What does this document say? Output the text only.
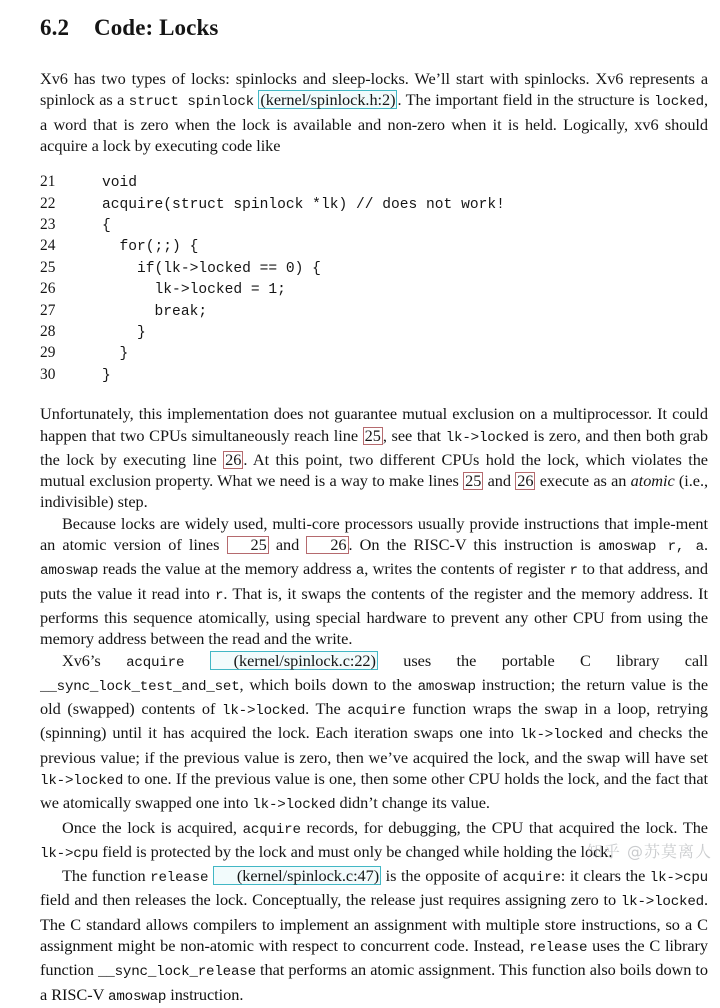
6.2 Code: Locks

Xv6 has two types of locks: spinlocks and sleep-locks. We’ll start with spinlocks. Xv6 represents a spinlock as a struct spinlock (kernel/spinlock.h:2) . The important field in the structure is locked, a word that is zero when the lock is available and non-zero when it is held. Logically, xv6 should acquire a lock by executing code like

21	void
22	acquire(struct spinlock *lk) // does not work!
23	{
24	for(;;) {
25	if(lk->locked == 0) {
26	lk->locked = 1;
27	break;
28	}
29	}
30	}

Unfortunately, this implementation does not guarantee mutual exclusion on a multiprocessor. It could happen that two CPUs simultaneously reach line 25 , see that lk->locked is zero, and then both grab the lock by executing line 26 . At this point, two different CPUs hold the lock, which violates the mutual exclusion property. What we need is a way to make lines 25 and 26 execute as an atomic (i.e., indivisible) step.

Because locks are widely used, multi-core processors usually provide instructions that imple-ment an atomic version of lines 25 and 26 . On the RISC-V this instruction is amoswap r, a. amoswap reads the value at the memory address a, writes the contents of register r to that address, and puts the value it read into r. That is, it swaps the contents of the register and the memory address. It performs this sequence atomically, using special hardware to prevent any other CPU from using the memory address between the read and the write.

Xv6’s acquire	(kernel/spinlock.c:22) uses the portable C library call __sync_lock_test_and_set, which boils down to the amoswap instruction; the return value is the old (swapped) contents of lk->locked. The acquire function wraps the swap in a loop, retrying (spinning) until it has acquired the lock. Each iteration swaps one into lk->locked and checks the previous value; if the previous value is zero, then we’ve acquired the lock, and the swap will have set lk->locked to one. If the previous value is one, then some other CPU holds the lock, and the fact that we atomically swapped one into lk->locked didn’t change its value.

Once the lock is acquired, acquire records, for debugging, the CPU that acquired the lock. The lk->cpu field is protected by the lock and must only be changed while holding the lock.

The function release (kernel/spinlock.c:47) is the opposite of acquire: it clears the lk->cpu field and then releases the lock. Conceptually, the release just requires assigning zero to lk->locked. The C standard allows compilers to implement an assignment with multiple store instructions, so a C assignment might be non-atomic with respect to concurrent code. Instead, release uses the C library function __sync_lock_release that performs an atomic assignment. This function also boils down to a RISC-V amoswap instruction.

知乎 @苏莫离人
